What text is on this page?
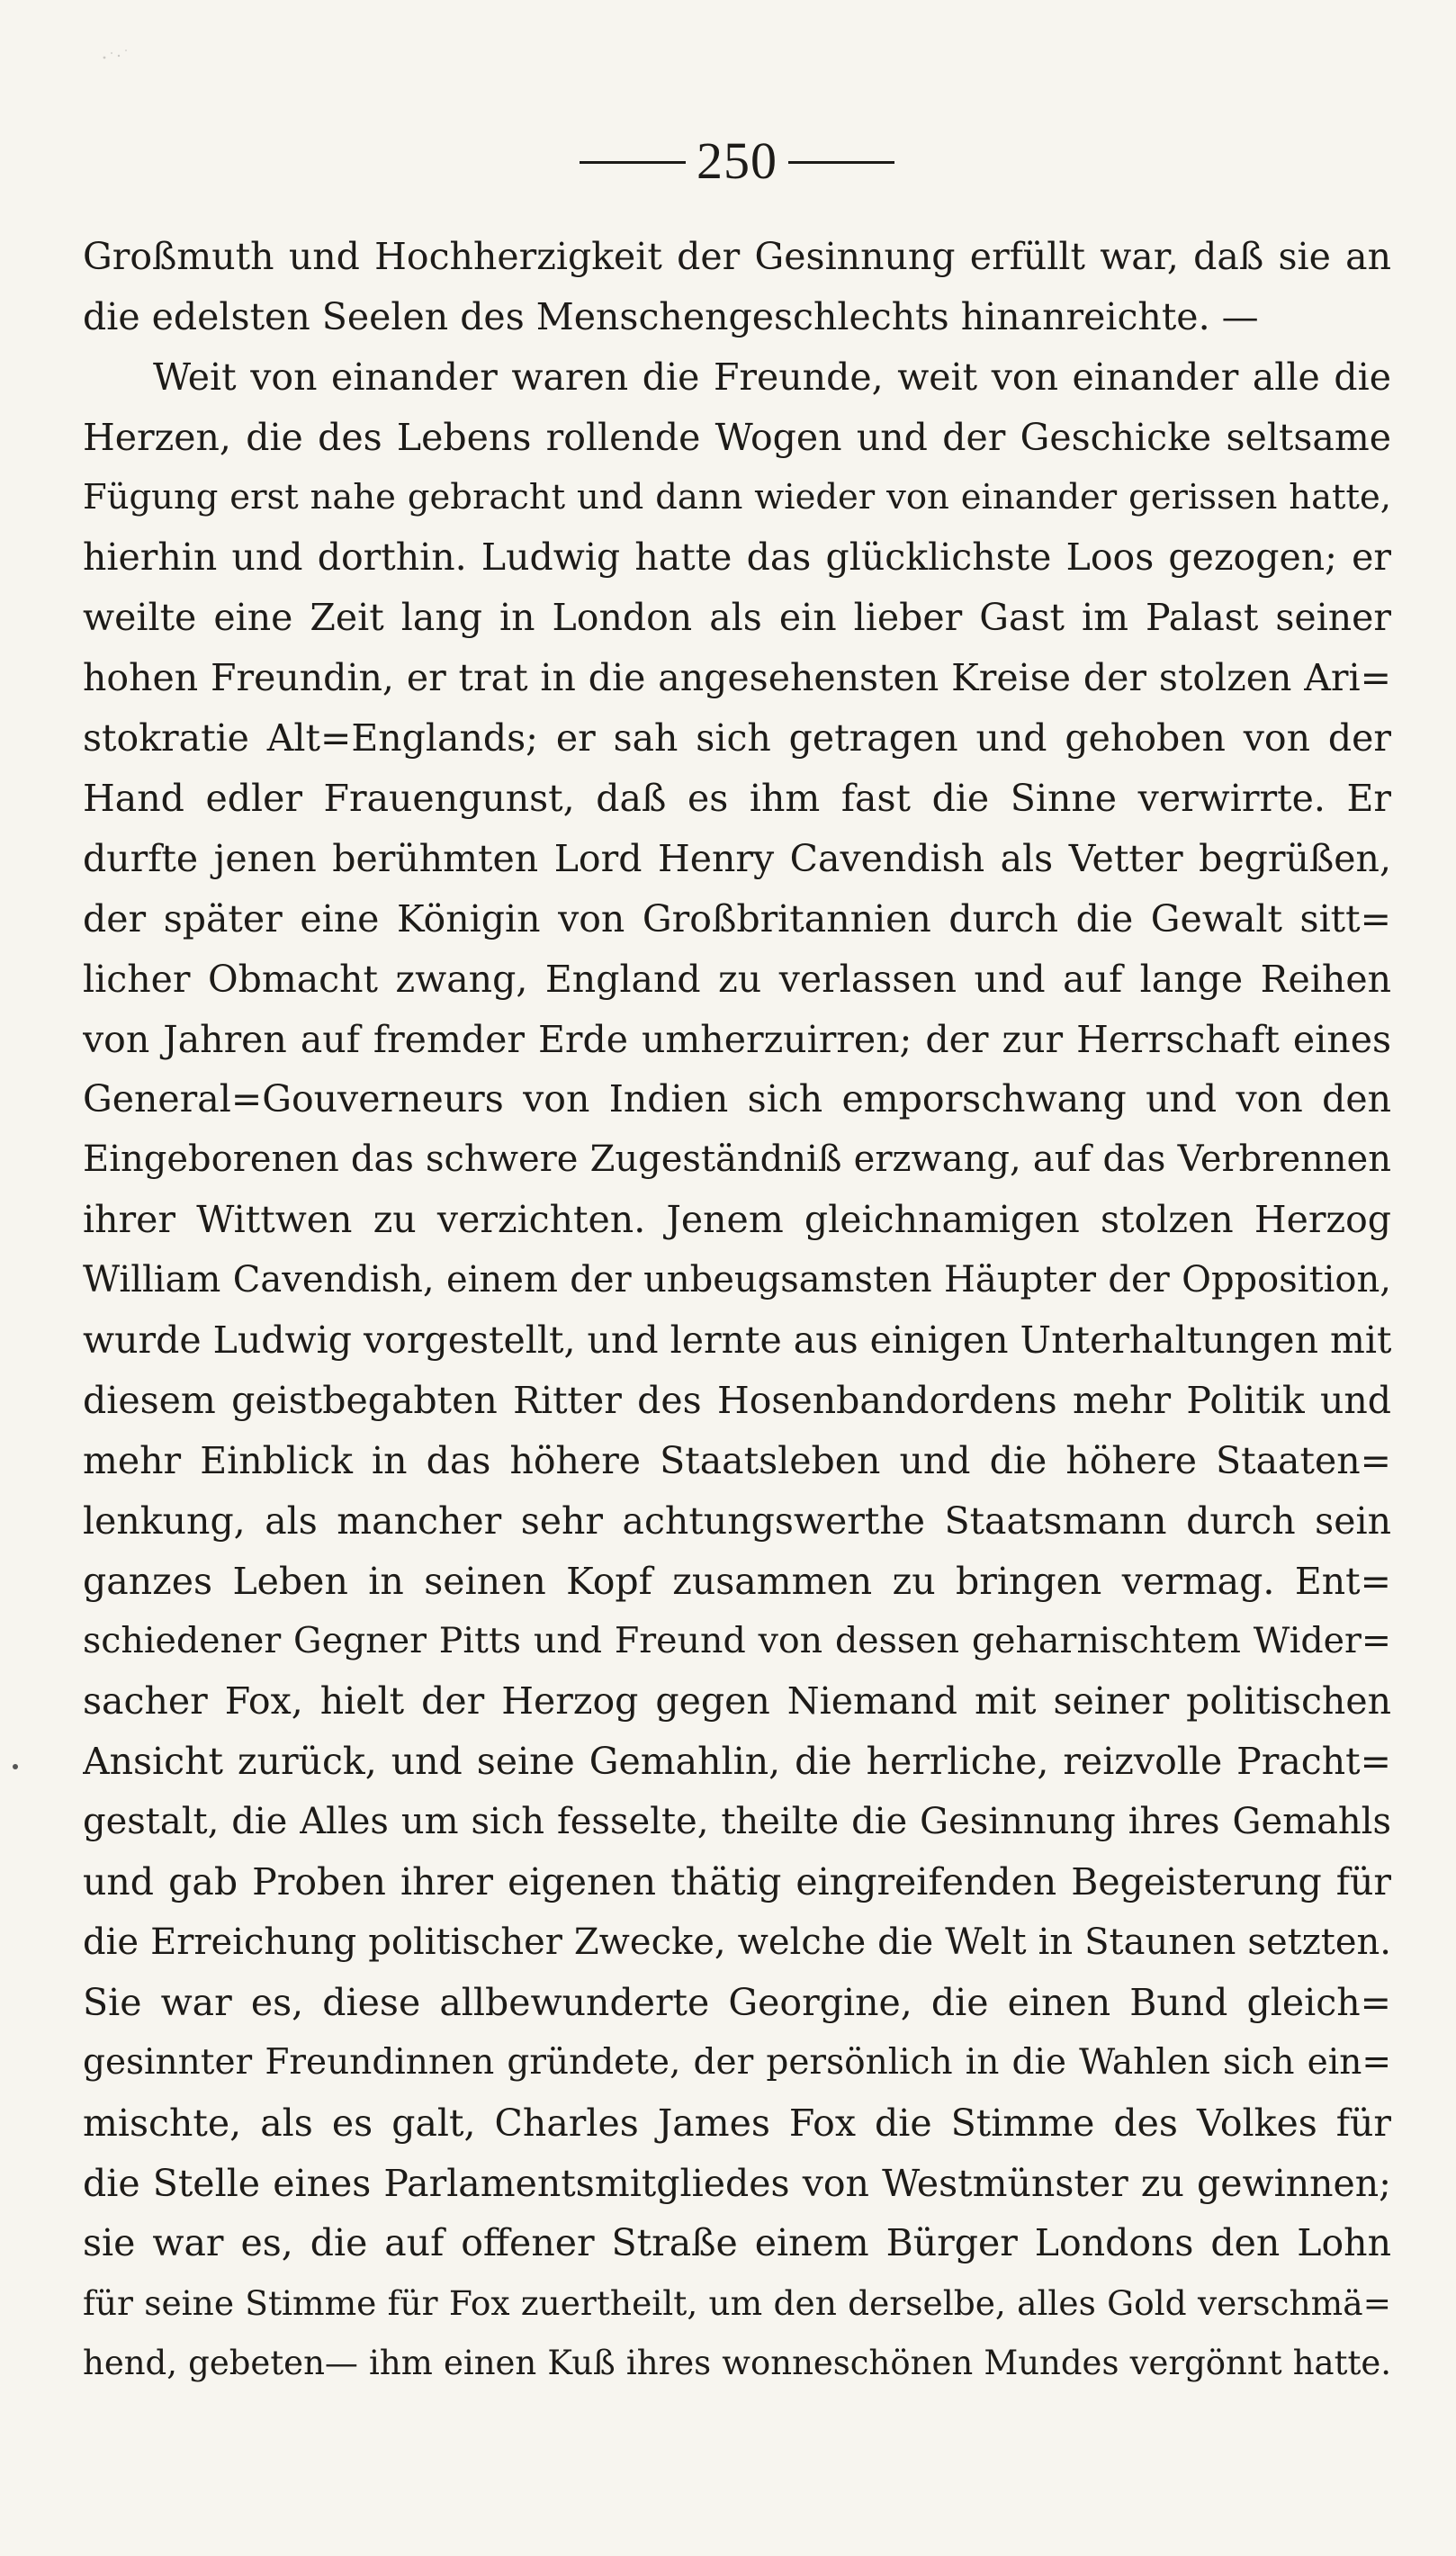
250
Großmuth und Hochherzigkeit der Gesinnung erfüllt war, daß sie an
die edelsten Seelen des Menschengeschlechts hinanreichte. —
Weit von einander waren die Freunde, weit von einander alle die
Herzen, die des Lebens rollende Wogen und der Geschicke seltsame
Fügung erst nahe gebracht und dann wieder von einander gerissen hatte,
hierhin und dorthin. Ludwig hatte das glücklichste Loos gezogen; er
weilte eine Zeit lang in London als ein lieber Gast im Palast seiner
hohen Freundin, er trat in die angesehensten Kreise der stolzen Ari=
stokratie Alt=Englands; er sah sich getragen und gehoben von der
Hand edler Frauengunst, daß es ihm fast die Sinne verwirrte. Er
durfte jenen berühmten Lord Henry Cavendish als Vetter begrüßen,
der später eine Königin von Großbritannien durch die Gewalt sitt=
licher Obmacht zwang, England zu verlassen und auf lange Reihen
von Jahren auf fremder Erde umherzuirren; der zur Herrschaft eines
General=Gouverneurs von Indien sich emporschwang und von den
Eingeborenen das schwere Zugeständniß erzwang, auf das Verbrennen
ihrer Wittwen zu verzichten. Jenem gleichnamigen stolzen Herzog
William Cavendish, einem der unbeugsamsten Häupter der Opposition,
wurde Ludwig vorgestellt, und lernte aus einigen Unterhaltungen mit
diesem geistbegabten Ritter des Hosenbandordens mehr Politik und
mehr Einblick in das höhere Staatsleben und die höhere Staaten=
lenkung, als mancher sehr achtungswerthe Staatsmann durch sein
ganzes Leben in seinen Kopf zusammen zu bringen vermag. Ent=
schiedener Gegner Pitts und Freund von dessen geharnischtem Wider=
sacher Fox, hielt der Herzog gegen Niemand mit seiner politischen
Ansicht zurück, und seine Gemahlin, die herrliche, reizvolle Pracht=
gestalt, die Alles um sich fesselte, theilte die Gesinnung ihres Gemahls
und gab Proben ihrer eigenen thätig eingreifenden Begeisterung für
die Erreichung politischer Zwecke, welche die Welt in Staunen setzten.
Sie war es, diese allbewunderte Georgine, die einen Bund gleich=
gesinnter Freundinnen gründete, der persönlich in die Wahlen sich ein=
mischte, als es galt, Charles James Fox die Stimme des Volkes für
die Stelle eines Parlamentsmitgliedes von Westmünster zu gewinnen;
sie war es, die auf offener Straße einem Bürger Londons den Lohn
für seine Stimme für Fox zuertheilt, um den derselbe, alles Gold verschmä=
hend, gebeten— ihm einen Kuß ihres wonneschönen Mundes vergönnt hatte.
